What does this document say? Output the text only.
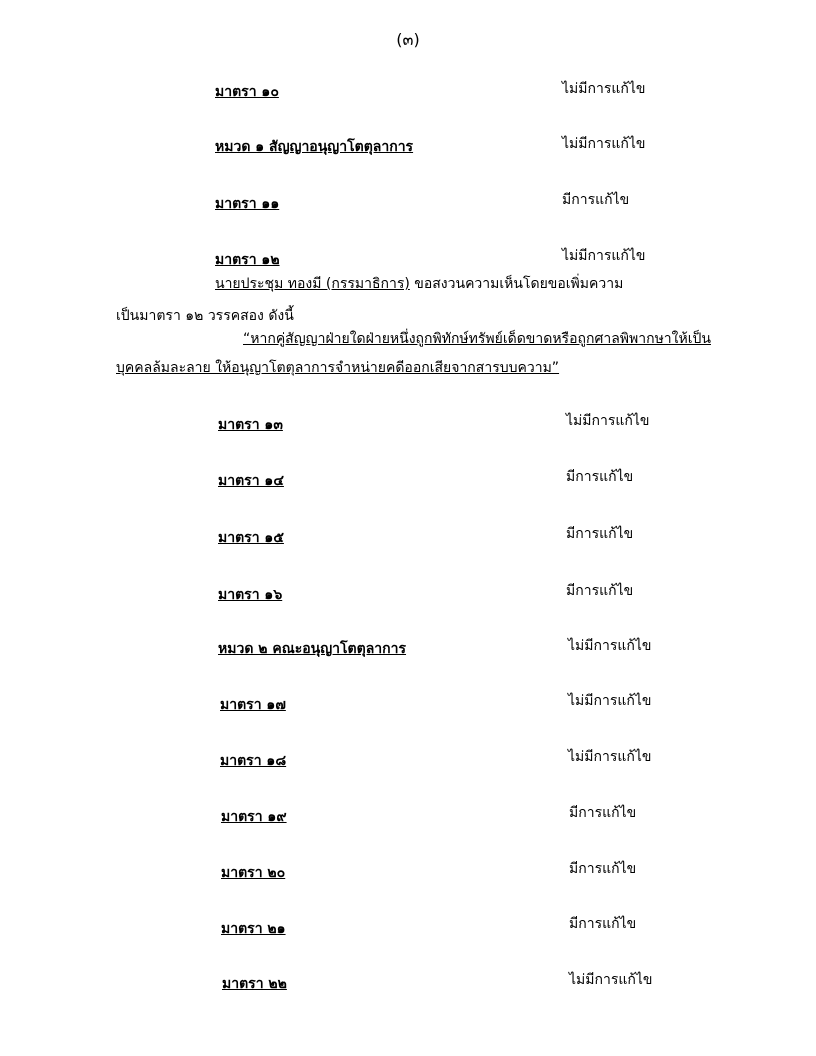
(๓)
มาตรา ๑๐	ไม่มีการแก้ไข
หมวด ๑ สัญญาอนุญาโตตุลาการ	ไม่มีการแก้ไข
มาตรา ๑๑	มีการแก้ไข
มาตรา ๑๒	ไม่มีการแก้ไข
นายประชุม ทองมี (กรรมาธิการ) ขอสงวนความเห็นโดยขอเพิ่มความ
เป็นมาตรา ๑๒ วรรคสอง ดังนี้
“หากคู่สัญญาฝ่ายใดฝ่ายหนึ่งถูกพิทักษ์ทรัพย์เด็ดขาดหรือถูกศาลพิพากษาให้เป็น
บุคคลล้มละลาย ให้อนุญาโตตุลาการจำหน่ายคดีออกเสียจากสารบบความ”
มาตรา ๑๓	ไม่มีการแก้ไข
มาตรา ๑๔	มีการแก้ไข
มาตรา ๑๕	มีการแก้ไข
มาตรา ๑๖	มีการแก้ไข
หมวด ๒ คณะอนุญาโตตุลาการ	ไม่มีการแก้ไข
มาตรา ๑๗	ไม่มีการแก้ไข
มาตรา ๑๘	ไม่มีการแก้ไข
มาตรา ๑๙	มีการแก้ไข
มาตรา ๒๐	มีการแก้ไข
มาตรา ๒๑	มีการแก้ไข
มาตรา ๒๒	ไม่มีการแก้ไข
